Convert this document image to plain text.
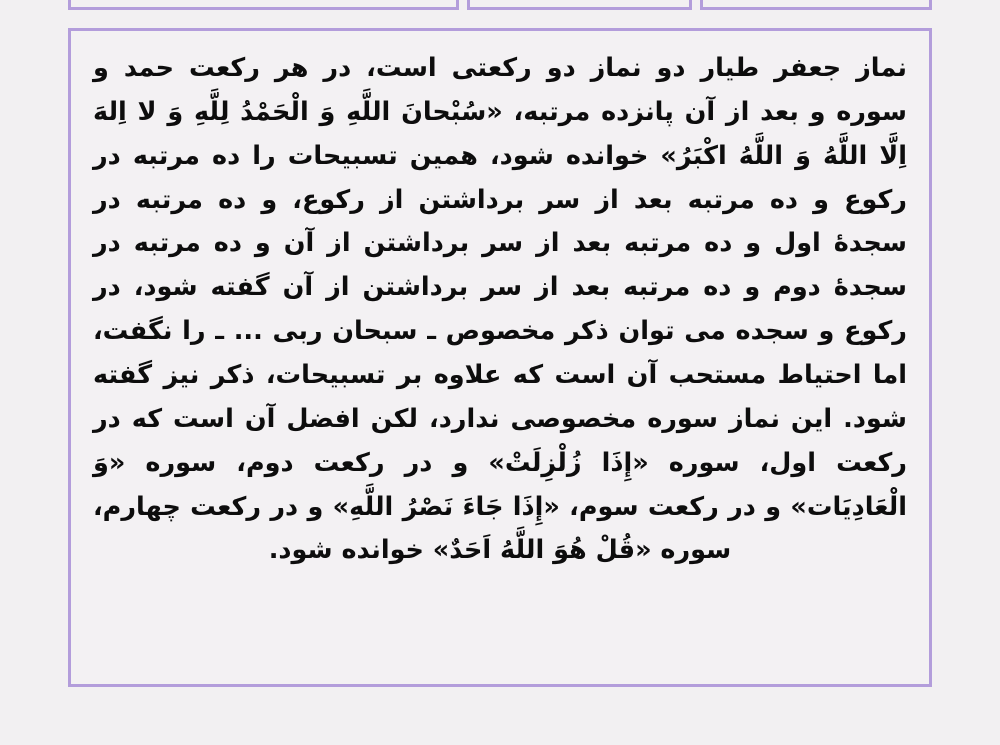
نماز جعفر طیار دو نماز دو رکعتی است، در هر رکعت حمد و سوره و بعد از آن پانزده مرتبه، «سُبْحانَ اللَّهِ وَ الْحَمْدُ لِلَّهِ وَ لا اِلهَ اِلَّا اللَّهُ وَ اللَّهُ اکْبَرُ» خوانده شود، همین تسبیحات را ده مرتبه در رکوع و ده مرتبه بعد از سر برداشتن از رکوع، و ده مرتبه در سجدهٔ اول و ده مرتبه بعد از سر برداشتن از آن و ده مرتبه در سجدهٔ دوم و ده مرتبه بعد از سر برداشتن از آن گفته شود، در رکوع و سجده می توان ذکر مخصوص ـ سبحان ربی ... ـ را نگفت، اما احتیاط مستحب آن است که علاوه بر تسبیحات، ذکر نیز گفته شود. این نماز سوره مخصوصی ندارد، لکن افضل آن است که در رکعت اول، سوره «إِذَا زُلْزِلَتْ» و در رکعت دوم، سوره «وَ الْعَادِیَات» و در رکعت سوم، «إِذَا جَاءَ نَصْرُ اللَّهِ» و در رکعت چهارم، سوره «قُلْ هُوَ اللَّهُ اَحَدٌ» خوانده شود.
